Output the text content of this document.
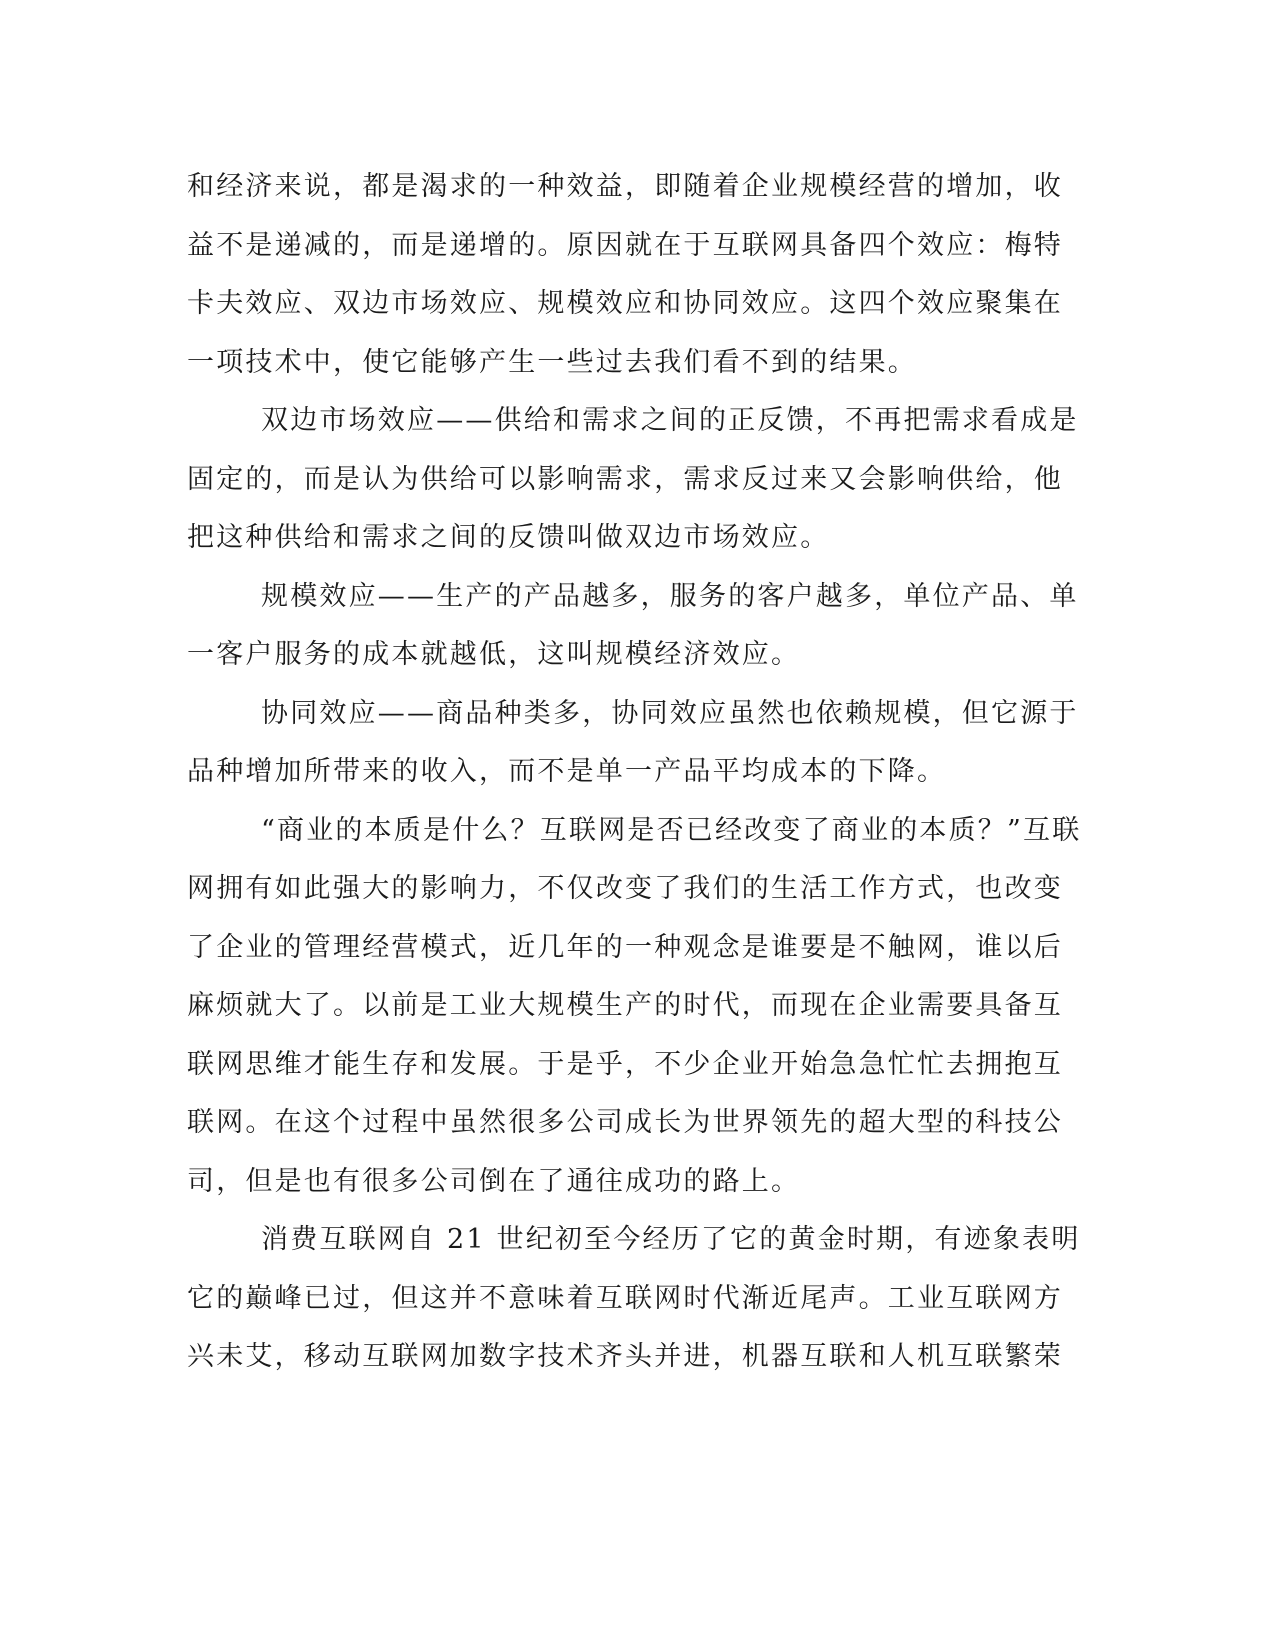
和经济来说，都是渴求的一种效益，即随着企业规模经营的增加，收
益不是递减的，而是递增的。原因就在于互联网具备四个效应：梅特
卡夫效应、双边市场效应、规模效应和协同效应。这四个效应聚集在
一项技术中，使它能够产生一些过去我们看不到的结果。

双边市场效应——供给和需求之间的正反馈，不再把需求看成是
固定的，而是认为供给可以影响需求，需求反过来又会影响供给，他
把这种供给和需求之间的反馈叫做双边市场效应。

规模效应——生产的产品越多，服务的客户越多，单位产品、单
一客户服务的成本就越低，这叫规模经济效应。

协同效应——商品种类多，协同效应虽然也依赖规模，但它源于
品种增加所带来的收入，而不是单一产品平均成本的下降。

“商业的本质是什么？互联网是否已经改变了商业的本质？”互联
网拥有如此强大的影响力，不仅改变了我们的生活工作方式，也改变
了企业的管理经营模式，近几年的一种观念是谁要是不触网，谁以后
麻烦就大了。以前是工业大规模生产的时代，而现在企业需要具备互
联网思维才能生存和发展。于是乎，不少企业开始急急忙忙去拥抱互
联网。在这个过程中虽然很多公司成长为世界领先的超大型的科技公
司，但是也有很多公司倒在了通往成功的路上。

消费互联网自 21 世纪初至今经历了它的黄金时期，有迹象表明
它的巅峰已过，但这并不意味着互联网时代渐近尾声。工业互联网方
兴未艾，移动互联网加数字技术齐头并进，机器互联和人机互联繁荣
